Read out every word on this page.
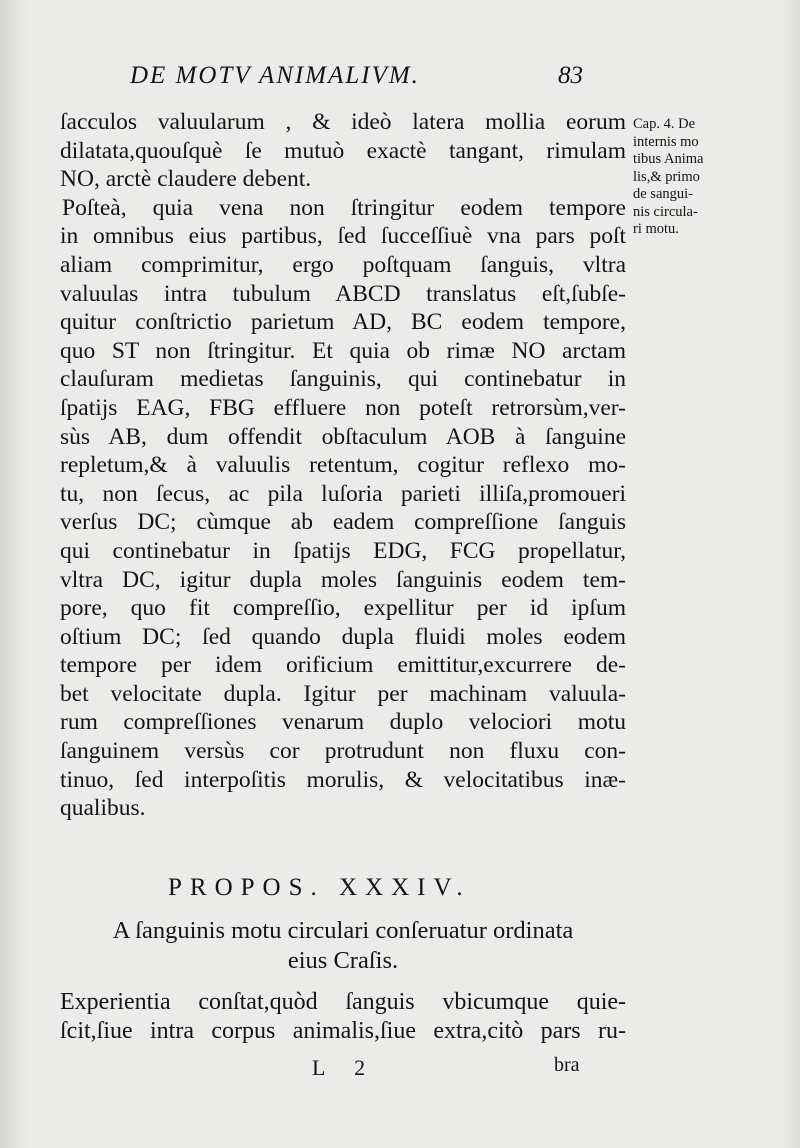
DE MOTV ANIMALIVM.	83
ſacculos valuularum , & ideò latera mollia eorum
dilatata,quouſquè ſe mutuò exactè tangant, rimulam
NO, arctè claudere debent.
Poſteà, quia vena non ſtringitur eodem tempore
in omnibus eius partibus, ſed ſucceſſiuè vna pars poſt
aliam comprimitur, ergo poſtquam ſanguis, vltra
valuulas intra tubulum ABCD translatus eſt,ſubſe-
quitur conſtrictio parietum AD, BC eodem tempore,
quo ST non ſtringitur. Et quia ob rimæ NO arctam
clauſuram medietas ſanguinis, qui continebatur in
ſpatijs EAG, FBG effluere non poteſt retrorsùm,ver-
sùs AB, dum offendit obſtaculum AOB à ſanguine
repletum,& à valuulis retentum, cogitur reflexo mo-
tu, non ſecus, ac pila luſoria parieti illiſa,promoueri
verſus DC; cùmque ab eadem compreſſione ſanguis
qui continebatur in ſpatijs EDG, FCG propellatur,
vltra DC, igitur dupla moles ſanguinis eodem tem-
pore, quo fit compreſſio, expellitur per id ipſum
oſtium DC; ſed quando dupla fluidi moles eodem
tempore per idem orificium emittitur,excurrere de-
bet velocitate dupla. Igitur per machinam valuula-
rum compreſſiones venarum duplo velociori motu
ſanguinem versùs cor protrudunt non fluxu con-
tinuo, ſed interpoſitis morulis, & velocitatibus inæ-
qualibus.
Cap. 4. De
internis mo
tibus Anima
lis,& primo
de sangui-
nis circula-
ri motu.
PROPOS. XXXIV.
A ſanguinis motu circulari conſeruatur ordinata
eius Craſis.
Experientia conſtat,quòd ſanguis vbicumque quie-
ſcit,ſiue intra corpus animalis,ſiue extra,citò pars ru-
L 2	bra
